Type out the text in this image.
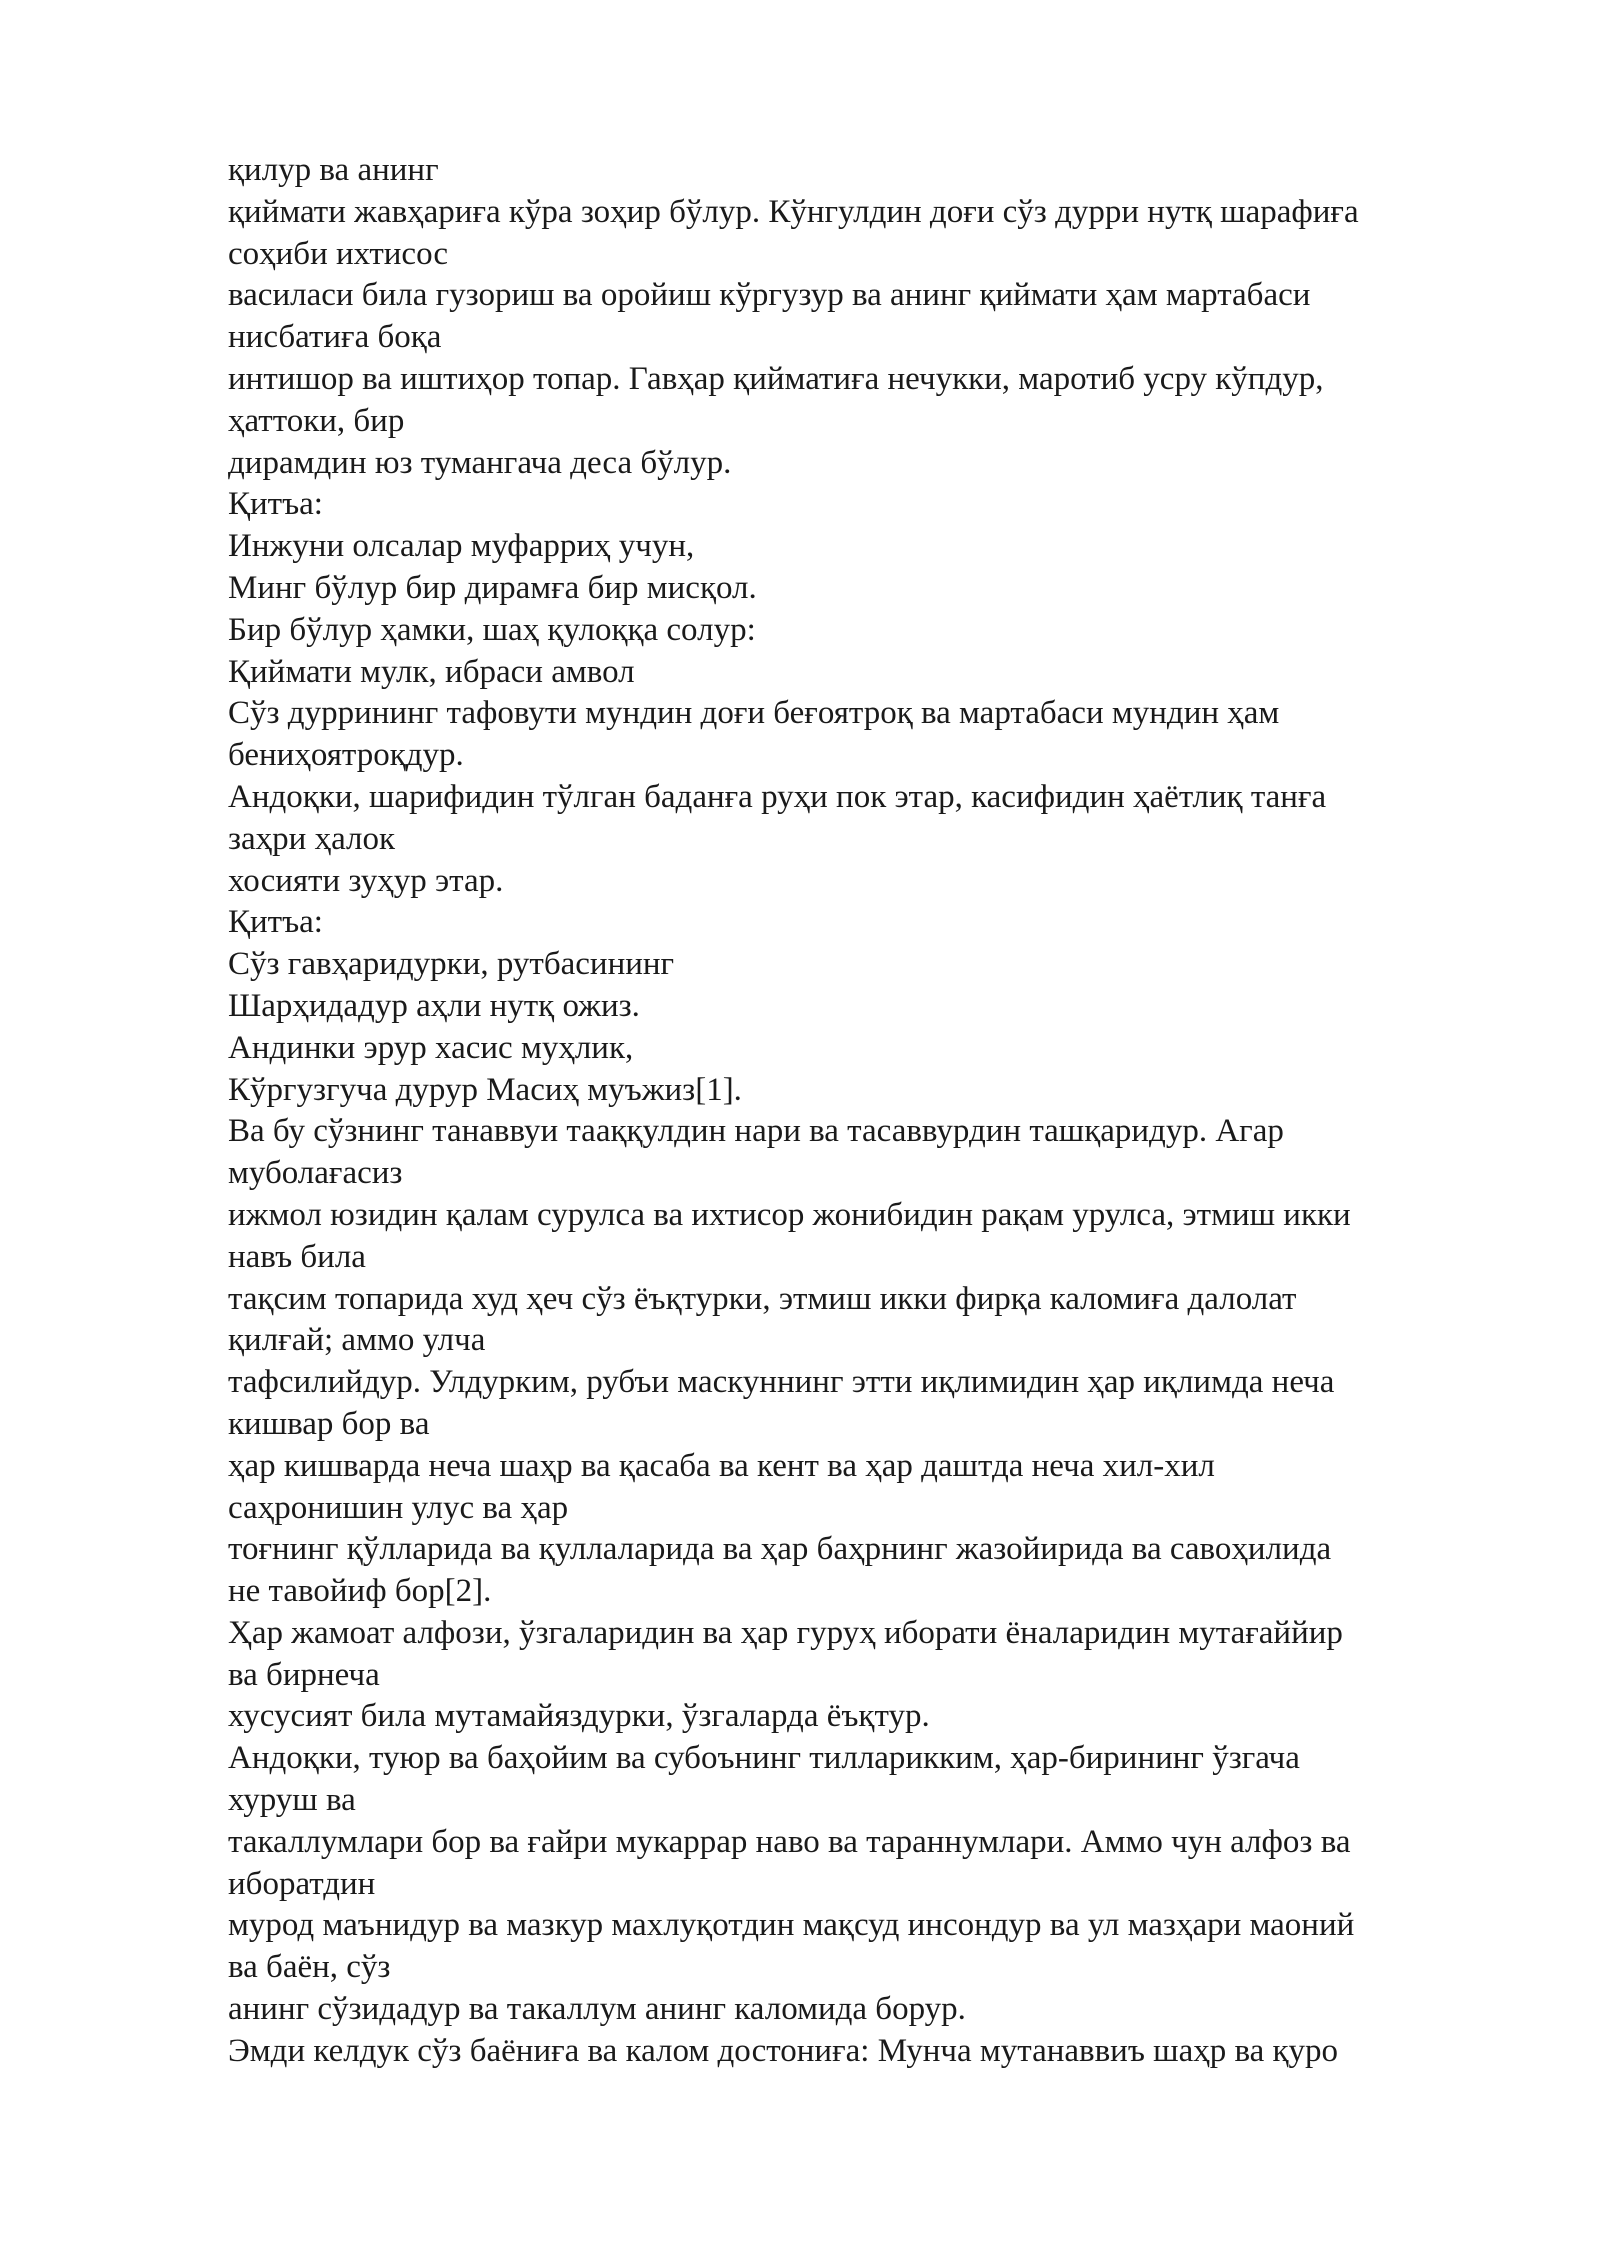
қилур ва анинг

қиймати жавҳариға кўра зоҳир бўлур. Кўнгулдин доғи сўз дурри нутқ шарафиға

соҳиби ихтисос

василаси била гузориш ва оройиш кўргузур ва анинг қиймати ҳам мартабаси

нисбатиға боқа

интишор ва иштиҳор топар. Гавҳар қийматиға нечукки, маротиб усру кўпдур,

ҳаттоки, бир

дирамдин юз тумангача деса бўлур.

Қитъа:

Инжуни олсалар муфарриҳ учун,

Минг бўлур бир дирамға бир мисқол.

Бир бўлур ҳамки, шаҳ қулоққа солур:

Қиймати мулк, ибраси амвол

Сўз дуррининг тафовути мундин доғи беғоятроқ ва мартабаси мундин ҳам

бениҳоятроқдур.

Андоқки, шарифидин тўлган баданға руҳи пок этар, касифидин ҳаётлиқ танға

заҳри ҳалок

хосияти зуҳур этар.

Қитъа:

Сўз гавҳаридурки, рутбасининг

Шарҳидадур аҳли нутқ ожиз.

Андинки эрур хасис муҳлик,

Кўргузгуча дурур Масиҳ муъжиз[1].

Ва бу сўзнинг танаввуи тааққулдин нари ва тасаввурдин ташқаридур. Агар

муболағасиз

ижмол юзидин қалам сурулса ва ихтисор жонибидин рақам урулса, этмиш икки

навъ била

тақсим топарида худ ҳеч сўз ёъқтурки, этмиш икки фирқа каломиға далолат

қилғай; аммо улча

тафсилийдур. Улдурким, рубъи маскуннинг этти иқлимидин ҳар иқлимда неча

кишвар бор ва

ҳар кишварда неча шаҳр ва қасаба ва кент ва ҳар даштда неча хил-хил

саҳронишин улус ва ҳар

тоғнинг қўлларида ва қуллаларида ва ҳар баҳрнинг жазойирида ва савоҳилида

не тавойиф бор[2].

Ҳар жамоат алфози, ўзгаларидин ва ҳар гуруҳ иборати ёналаридин мутағаййир

ва бирнеча

хусусият била мутамайяздурки, ўзгаларда ёъқтур.

Андоқки, туюр ва баҳойим ва субоънинг тилларикким, ҳар-бирининг ўзгача

хуруш ва

такаллумлари бор ва ғайри мукаррар наво ва тараннумлари. Аммо чун алфоз ва

иборатдин

мурод маънидур ва мазкур махлуқотдин мақсуд инсондур ва ул мазҳари маоний

ва баён, сўз

анинг сўзидадур ва такаллум анинг каломида борур.

Эмди келдук сўз баёниға ва калом достониға: Мунча мутанаввиъ шаҳр ва қуро
